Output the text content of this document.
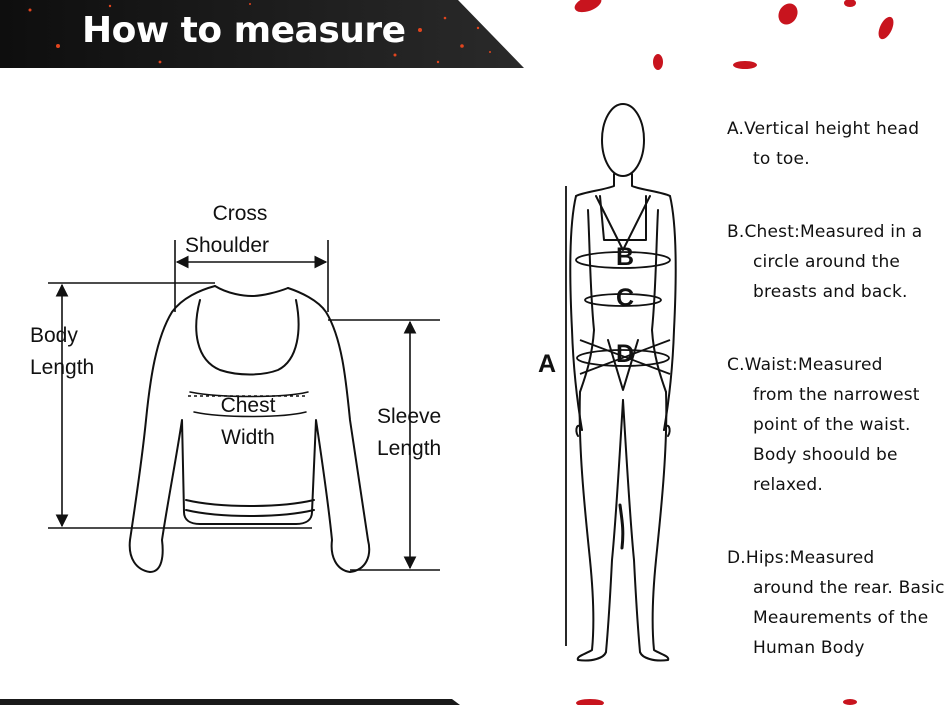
How to measure
Cross
Shoulder
Body
Length
Chest
Width
Sleeve
Length
A
B
C
D
A.Vertical height head
to toe.
B.Chest:Measured in a
circle around the breasts and back.
C.Waist:Measured
from the narrowest point of the waist. Body shoould be relaxed.
D.Hips:Measured
around the rear. Basic Meaurements of the Human Body
